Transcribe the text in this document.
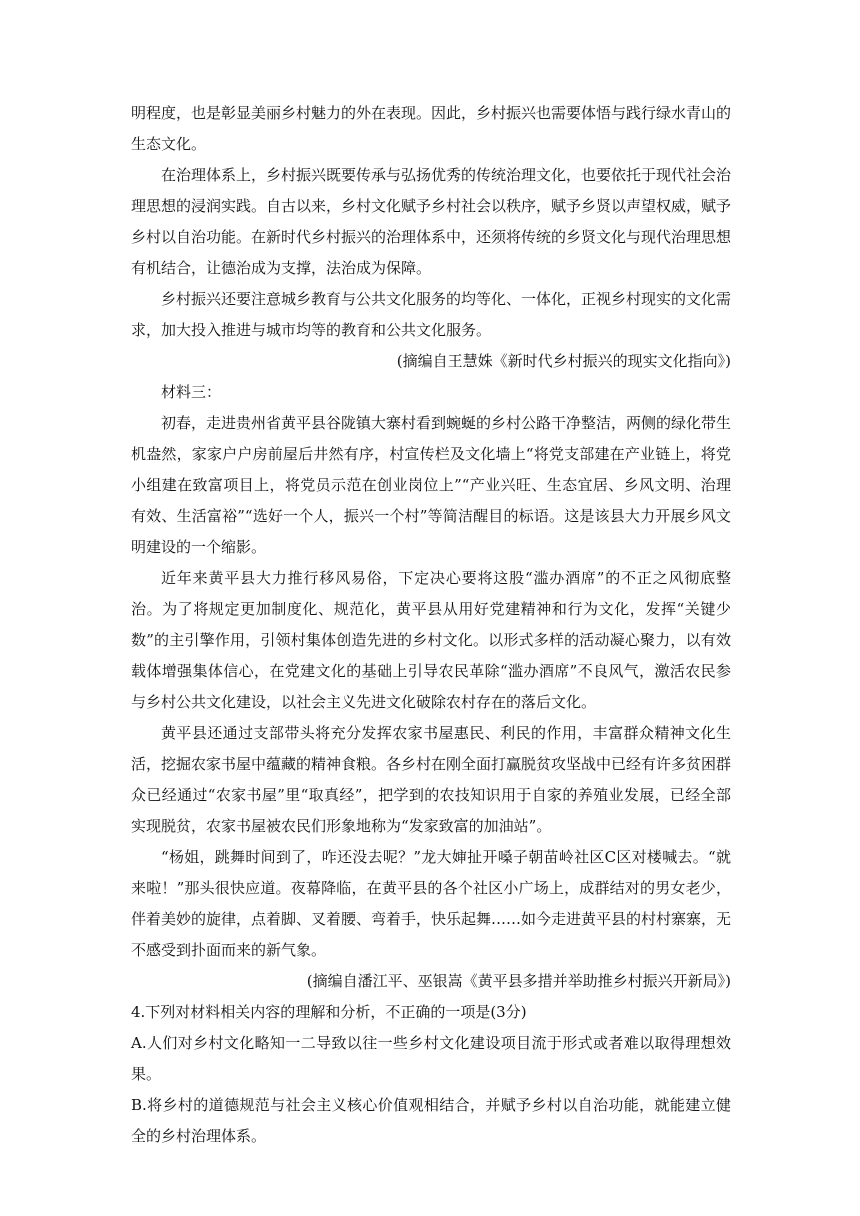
明程度，也是彰显美丽乡村魅力的外在表现。因此，乡村振兴也需要体悟与践行绿水青山的生态文化。

在治理体系上，乡村振兴既要传承与弘扬优秀的传统治理文化，也要依托于现代社会治理思想的浸润实践。自古以来，乡村文化赋予乡村社会以秩序，赋予乡贤以声望权威，赋予乡村以自治功能。在新时代乡村振兴的治理体系中，还须将传统的乡贤文化与现代治理思想有机结合，让德治成为支撑，法治成为保障。

乡村振兴还要注意城乡教育与公共文化服务的均等化、一体化，正视乡村现实的文化需求，加大投入推进与城市均等的教育和公共文化服务。

(摘编自王慧姝《新时代乡村振兴的现实文化指向》)

材料三：

初春，走进贵州省黄平县谷陇镇大寨村看到蜿蜒的乡村公路干净整洁，两侧的绿化带生机盎然，家家户户房前屋后井然有序，村宣传栏及文化墙上“将党支部建在产业链上，将党小组建在致富项目上，将党员示范在创业岗位上”“产业兴旺、生态宜居、乡风文明、治理有效、生活富裕”“选好一个人，振兴一个村”等简洁醒目的标语。这是该县大力开展乡风文明建设的一个缩影。

近年来黄平县大力推行移风易俗，下定决心要将这股“滥办酒席”的不正之风彻底整治。为了将规定更加制度化、规范化，黄平县从用好党建精神和行为文化，发挥“关键少数”的主引擎作用，引领村集体创造先进的乡村文化。以形式多样的活动凝心聚力，以有效载体增强集体信心，在党建文化的基础上引导农民革除“滥办酒席”不良风气，激活农民参与乡村公共文化建设，以社会主义先进文化破除农村存在的落后文化。

黄平县还通过支部带头将充分发挥农家书屋惠民、利民的作用，丰富群众精神文化生活，挖掘农家书屋中蕴藏的精神食粮。各乡村在刚全面打赢脱贫攻坚战中已经有许多贫困群众已经通过“农家书屋”里“取真经”，把学到的农技知识用于自家的养殖业发展，已经全部实现脱贫，农家书屋被农民们形象地称为“发家致富的加油站”。

“杨姐，跳舞时间到了，咋还没去呢？”龙大婶扯开嗓子朝苗岭社区C区对楼喊去。“就来啦！”那头很快应道。夜幕降临，在黄平县的各个社区小广场上，成群结对的男女老少，伴着美妙的旋律，点着脚、叉着腰、弯着手，快乐起舞……如今走进黄平县的村村寨寨，无不感受到扑面而来的新气象。

(摘编自潘江平、巫银嵩《黄平县多措并举助推乡村振兴开新局》)

4.下列对材料相关内容的理解和分析，不正确的一项是(3分)

A.人们对乡村文化略知一二导致以往一些乡村文化建设项目流于形式或者难以取得理想效果。

B.将乡村的道德规范与社会主义核心价值观相结合，并赋予乡村以自治功能，就能建立健全的乡村治理体系。
